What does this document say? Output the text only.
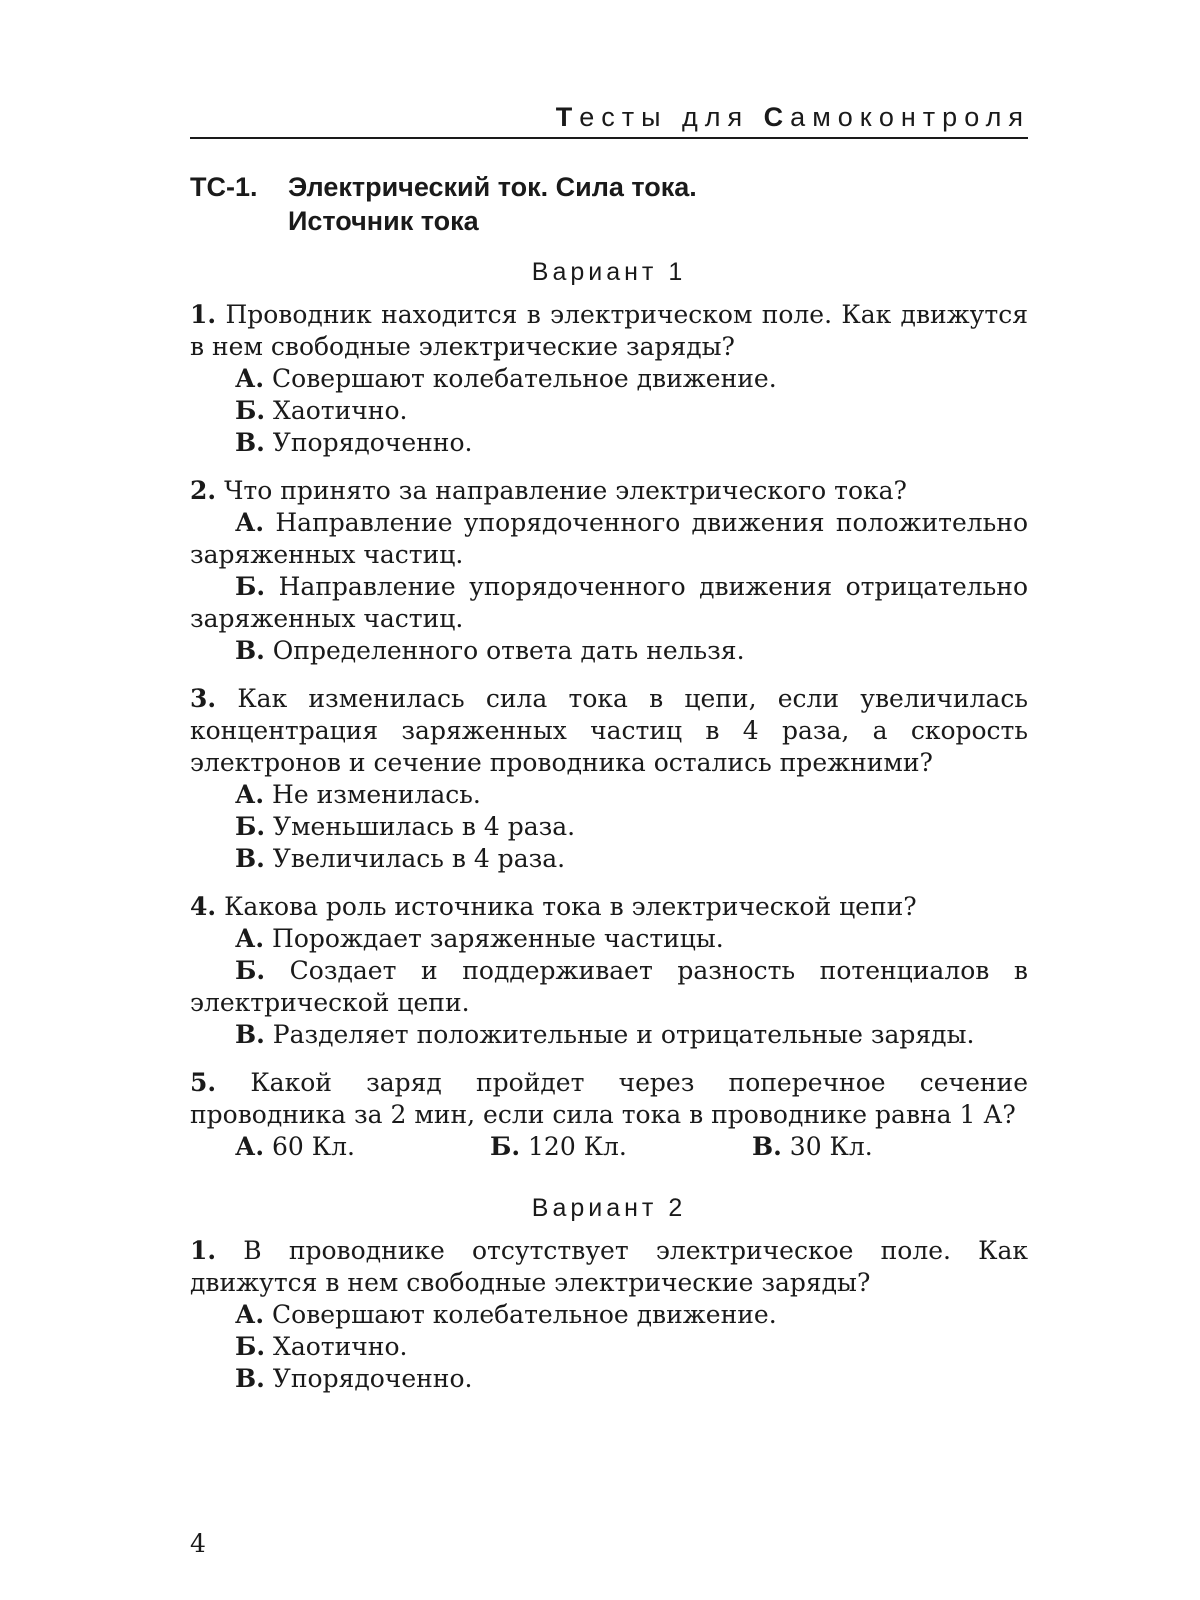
Тесты для Самоконтроля
ТС-1. Электрический ток. Сила тока.
Источник тока
Вариант 1
1. Проводник находится в электрическом поле. Как движутся в нем свободные электрические заряды?
А. Совершают колебательное движение.
Б. Хаотично.
В. Упорядоченно.
2. Что принято за направление электрического тока?
А. Направление упорядоченного движения положительно заряженных частиц.
Б. Направление упорядоченного движения отрицательно заряженных частиц.
В. Определенного ответа дать нельзя.
3. Как изменилась сила тока в цепи, если увеличилась концентрация заряженных частиц в 4 раза, а скорость электронов и сечение проводника остались прежними?
А. Не изменилась.
Б. Уменьшилась в 4 раза.
В. Увеличилась в 4 раза.
4. Какова роль источника тока в электрической цепи?
А. Порождает заряженные частицы.
Б. Создает и поддерживает разность потенциалов в электрической цепи.
В. Разделяет положительные и отрицательные заряды.
5. Какой заряд пройдет через поперечное сечение проводника за 2 мин, если сила тока в проводнике равна 1 А?
А. 60 Кл.	Б. 120 Кл.	В. 30 Кл.
Вариант 2
1. В проводнике отсутствует электрическое поле. Как движутся в нем свободные электрические заряды?
А. Совершают колебательное движение.
Б. Хаотично.
В. Упорядоченно.
4
